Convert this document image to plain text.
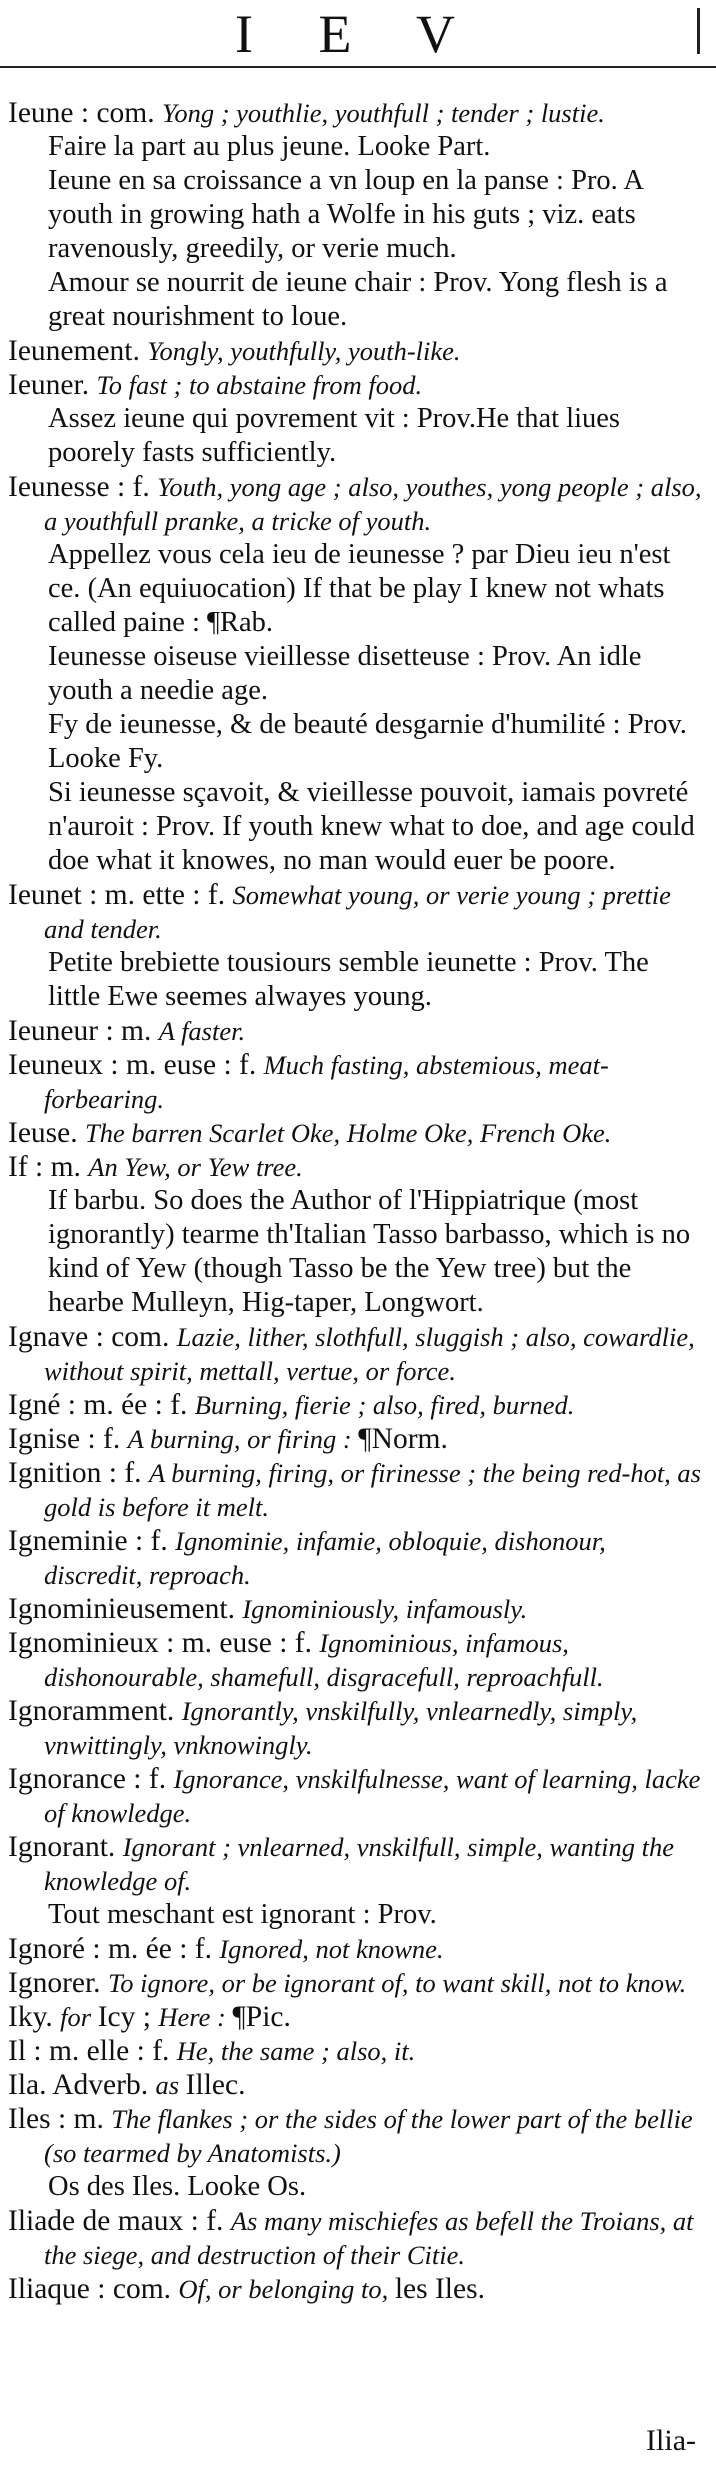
I E V

Ieune : com. Yong ; youthlie, youthfull ; tender ; lustie.

Faire la part au plus jeune. Looke Part.

Ieune en sa croissance a vn loup en la panse : Pro. A youth in growing hath a Wolfe in his guts ; viz. eats ravenously, greedily, or verie much.

Amour se nourrit de ieune chair : Prov. Yong flesh is a great nourishment to loue.

Ieunement. Yongly, youthfully, youth-like.

Ieuner. To fast ; to abstaine from food.

Assez ieune qui povrement vit : Prov.He that liues poorely fasts sufficiently.

Ieunesse : f. Youth, yong age ; also, youthes, yong people ; also, a youthfull pranke, a tricke of youth.

Appellez vous cela ieu de ieunesse ? par Dieu ieu n'est ce. (An equiuocation) If that be play I knew not whats called paine : ¶Rab.

Ieunesse oiseuse vieillesse disetteuse : Prov. An idle youth a needie age.

Fy de ieunesse, & de beauté desgarnie d'humilité : Prov. Looke Fy.

Si ieunesse sçavoit, & vieillesse pouvoit, iamais povreté n'auroit : Prov. If youth knew what to doe, and age could doe what it knowes, no man would euer be poore.

Ieunet : m. ette : f. Somewhat young, or verie young ; prettie and tender.

Petite brebiette tousiours semble ieunette : Prov. The little Ewe seemes alwayes young.

Ieuneur : m. A faster.

Ieuneux : m. euse : f. Much fasting, abstemious, meat-forbearing.

Ieuse. The barren Scarlet Oke, Holme Oke, French Oke.

If : m. An Yew, or Yew tree.

If barbu. So does the Author of l'Hippiatrique (most ignorantly) tearme th'Italian Tasso barbasso, which is no kind of Yew (though Tasso be the Yew tree) but the hearbe Mulleyn, Hig-taper, Longwort.

Ignave : com. Lazie, lither, slothfull, sluggish ; also, cowardlie, without spirit, mettall, vertue, or force.

Igné : m. ée : f. Burning, fierie ; also, fired, burned.

Ignise : f. A burning, or firing : ¶Norm.

Ignition : f. A burning, firing, or firinesse ; the being red-hot, as gold is before it melt.

Igneminie : f. Ignominie, infamie, obloquie, dishonour, discredit, reproach.

Ignominieusement. Ignominiously, infamously.

Ignominieux : m. euse : f. Ignominious, infamous, dishonourable, shamefull, disgracefull, reproachfull.

Ignoramment. Ignorantly, vnskilfully, vnlearnedly, simply, vnwittingly, vnknowingly.

Ignorance : f. Ignorance, vnskilfulnesse, want of learning, lacke of knowledge.

Ignorant. Ignorant ; vnlearned, vnskilfull, simple, wanting the knowledge of.

Tout meschant est ignorant : Prov.

Ignoré : m. ée : f. Ignored, not knowne.

Ignorer. To ignore, or be ignorant of, to want skill, not to know.

Iky. for Icy ; Here : ¶Pic.

Il : m. elle : f. He, the same ; also, it.

Ila. Adverb. as Illec.

Iles : m. The flankes ; or the sides of the lower part of the bellie (so tearmed by Anatomists.)

Os des Iles. Looke Os.

Iliade de maux : f. As many mischiefes as befell the Troians, at the siege, and destruction of their Citie.

Iliaque : com. Of, or belonging to, les Iles.

Ilia-
